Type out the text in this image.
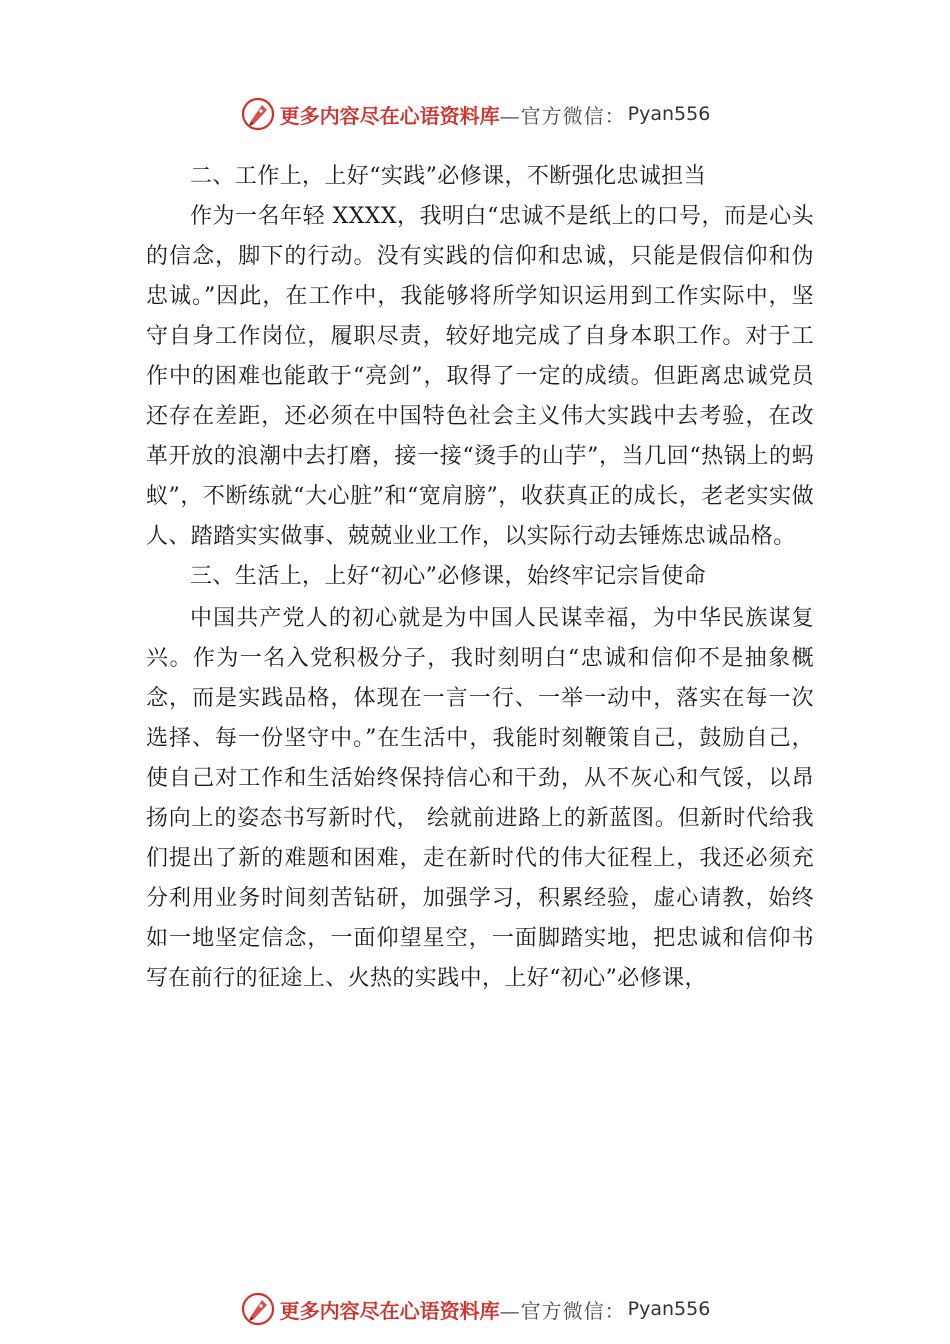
更多内容尽在心语资料库 —官方微信： Pyan556

二、工作上，上好“实践”必修课，不断强化忠诚担当

作为一名年轻 XXXX，我明白“忠诚不是纸上的口号，而是心头的信念，脚下的行动。没有实践的信仰和忠诚，只能是假信仰和伪忠诚。”因此，在工作中，我能够将所学知识运用到工作实际中，坚守自身工作岗位，履职尽责，较好地完成了自身本职工作。对于工作中的困难也能敢于“亮剑”，取得了一定的成绩。但距离忠诚党员还存在差距，还必须在中国特色社会主义伟大实践中去考验，在改革开放的浪潮中去打磨，接一接“烫手的山芋”，当几回“热锅上的蚂蚁”，不断练就“大心脏”和“宽肩膀”，收获真正的成长，老老实实做人、踏踏实实做事、兢兢业业工作，以实际行动去锤炼忠诚品格。

三、生活上，上好“初心”必修课，始终牢记宗旨使命

中国共产党人的初心就是为中国人民谋幸福，为中华民族谋复兴。作为一名入党积极分子，我时刻明白“忠诚和信仰不是抽象概念，而是实践品格，体现在一言一行、一举一动中，落实在每一次选择、每一份坚守中。”在生活中，我能时刻鞭策自己，鼓励自己，使自己对工作和生活始终保持信心和干劲，从不灰心和气馁，以昂扬向上的姿态书写新时代， 绘就前进路上的新蓝图。但新时代给我们提出了新的难题和困难，走在新时代的伟大征程上，我还必须充分利用业务时间刻苦钻研，加强学习，积累经验，虚心请教，始终如一地坚定信念，一面仰望星空，一面脚踏实地，把忠诚和信仰书写在前行的征途上、火热的实践中，上好“初心”必修课，

更多内容尽在心语资料库 —官方微信： Pyan556
